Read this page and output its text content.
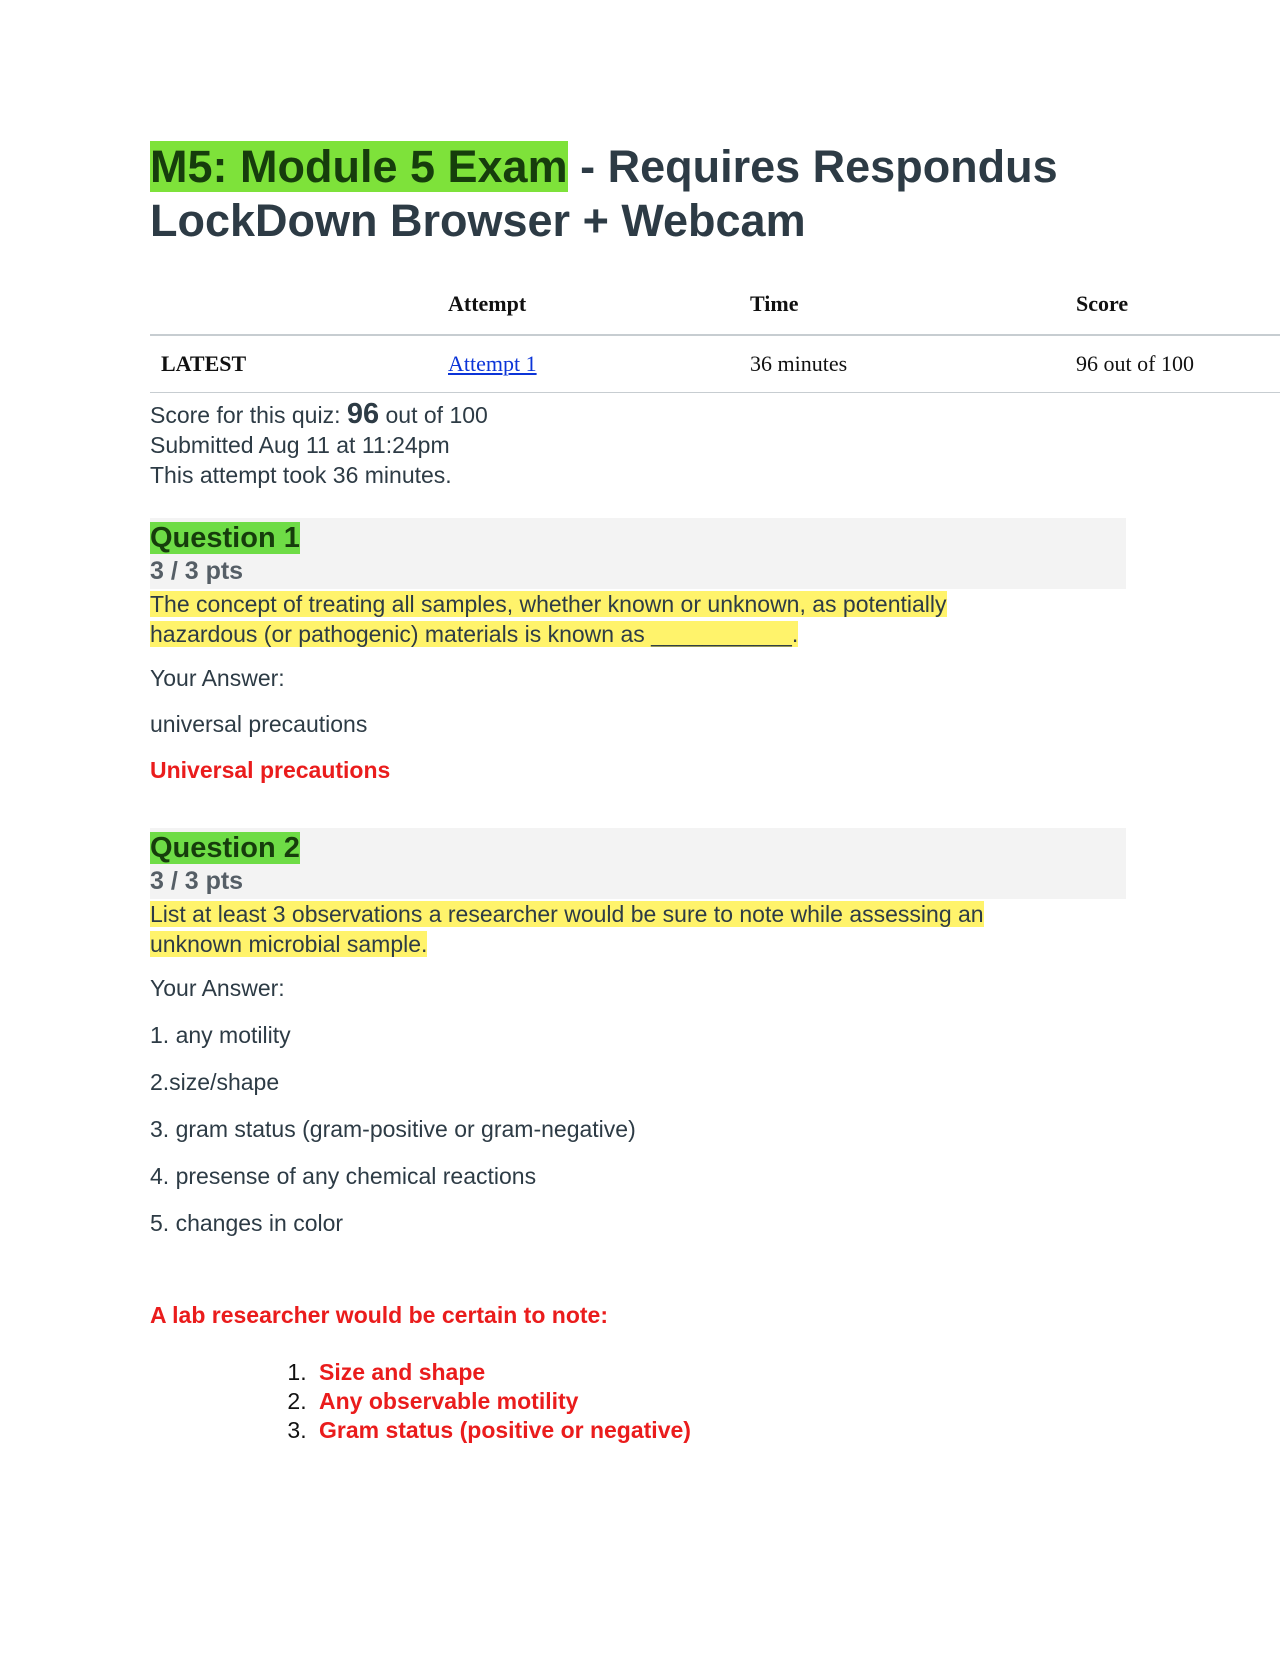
M5: Module 5 Exam - Requires Respondus LockDown Browser + Webcam
	Attempt	Time	Score
LATEST	Attempt 1	36 minutes	96 out of 100
Score for this quiz: 96 out of 100
Submitted Aug 11 at 11:24pm
This attempt took 36 minutes.
Question 1
3 / 3 pts
The concept of treating all samples, whether known or unknown, as potentially
hazardous (or pathogenic) materials is known as ___________.
Your Answer:
universal precautions
Universal precautions
Question 2
3 / 3 pts
List at least 3 observations a researcher would be sure to note while assessing an
unknown microbial sample.
Your Answer:
1. any motility
2.size/shape
3. gram status (gram-positive or gram-negative)
4. presense of any chemical reactions
5. changes in color
A lab researcher would be certain to note:
1. Size and shape
2. Any observable motility
3. Gram status (positive or negative)
